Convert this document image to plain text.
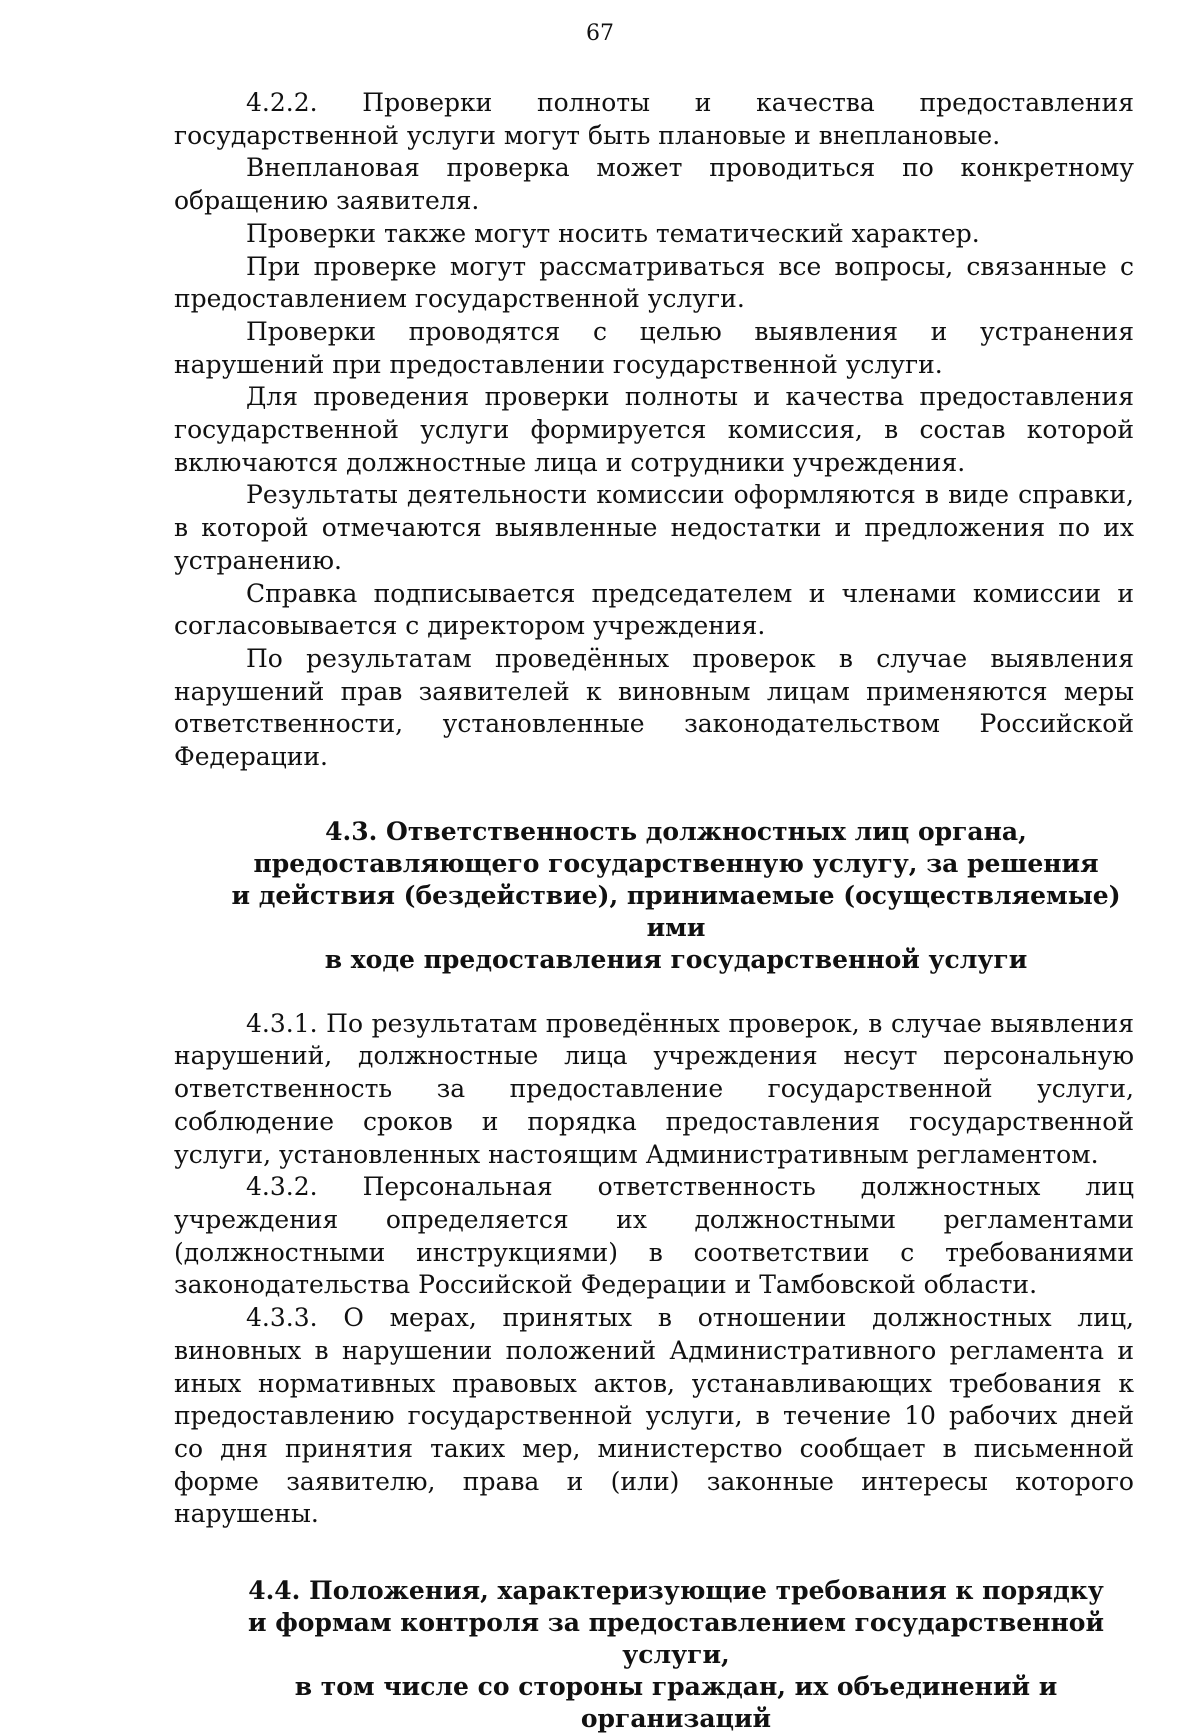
67

4.2.2. Проверки полноты и качества предоставления государственной услуги могут быть плановые и внеплановые.

Внеплановая проверка может проводиться по конкретному обращению заявителя.

Проверки также могут носить тематический характер.

При проверке могут рассматриваться все вопросы, связанные с предоставлением государственной услуги.

Проверки проводятся с целью выявления и устранения нарушений при предоставлении государственной услуги.

Для проведения проверки полноты и качества предоставления государственной услуги формируется комиссия, в состав которой включаются должностные лица и сотрудники учреждения.

Результаты деятельности комиссии оформляются в виде справки, в которой отмечаются выявленные недостатки и предложения по их устранению.

Справка подписывается председателем и членами комиссии и согласовывается с директором учреждения.

По результатам проведённых проверок в случае выявления нарушений прав заявителей к виновным лицам применяются меры ответственности, установленные законодательством Российской Федерации.

4.3. Ответственность должностных лиц органа,
предоставляющего государственную услугу, за решения
и действия (бездействие), принимаемые (осуществляемые) ими
в ходе предоставления государственной услуги

4.3.1. По результатам проведённых проверок, в случае выявления нарушений, должностные лица учреждения несут персональную ответственность за предоставление государственной услуги, соблюдение сроков и порядка предоставления государственной услуги, установленных настоящим Административным регламентом.

4.3.2. Персональная ответственность должностных лиц учреждения определяется их должностными регламентами (должностными инструкциями) в соответствии с требованиями законодательства Российской Федерации и Тамбовской области.

4.3.3. О мерах, принятых в отношении должностных лиц, виновных в нарушении положений Административного регламента и иных нормативных правовых актов, устанавливающих требования к предоставлению государственной услуги, в течение 10 рабочих дней со дня принятия таких мер, министерство сообщает в письменной форме заявителю, права и (или) законные интересы которого нарушены.

4.4. Положения, характеризующие требования к порядку
и формам контроля за предоставлением государственной услуги,
в том числе со стороны граждан, их объединений и организаций
